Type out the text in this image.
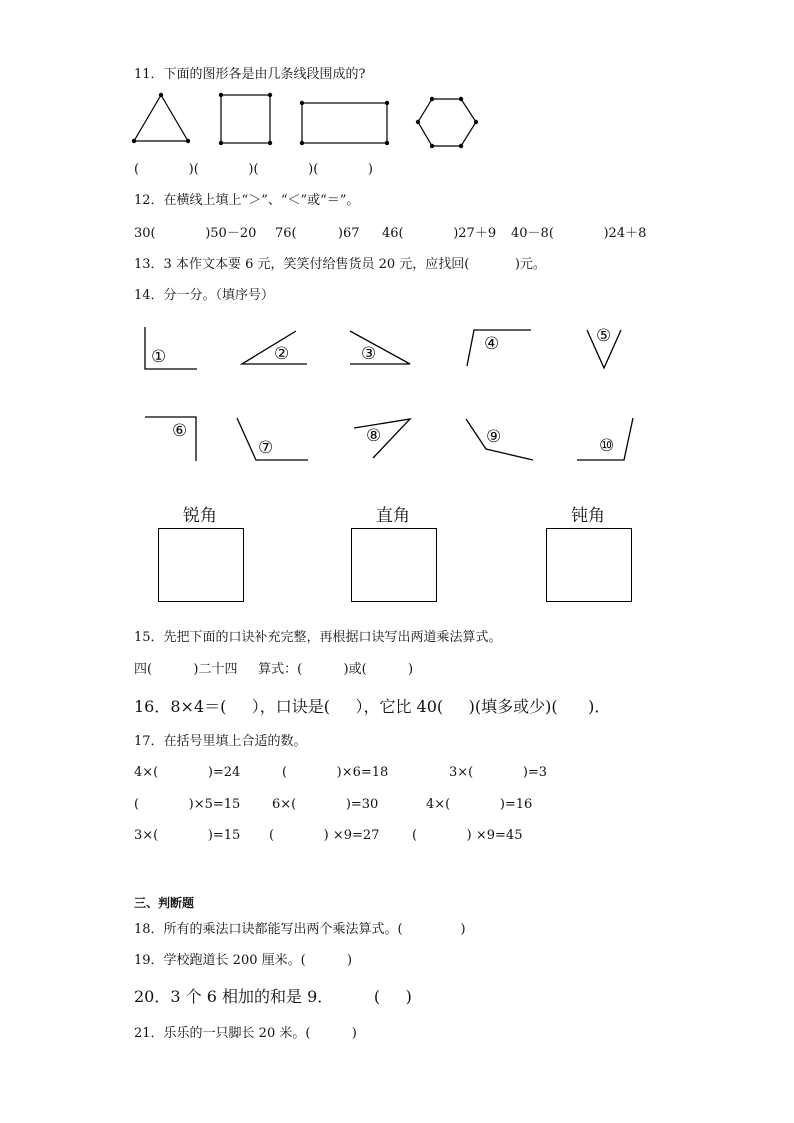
11．下面的图形各是由几条线段围成的?
(            )(            )(            )(            )
12．在横线上填上“＞”、“＜”或“＝”。
30(            )50－20 76(          )67 46(            )27＋9 40－8(            )24＋8
13．3 本作文本要 6 元，笑笑付给售货员 20 元，应找回(           )元。
14．分一分。（填序号）
①	②	③	④	⑤
⑥
⑦
⑧	⑨	⑩
锐角	直角	钝角
15．先把下面的口诀补充完整，再根据口诀写出两道乘法算式。
四(          )二十四     算式：(          )或(          )
16．8×4＝(     ），口诀是(     ），它比 40(     )(填多或少)(      )．
17．在括号里填上合适的数。
4×(            )=24	(            )×6=18	3×(            )=3
(            )×5=15 6×(            )=30	4×(            )=16
3×(            )=15 (            ) ×9=27	(            ) ×9=45
三、判断题
18．所有的乘法口诀都能写出两个乘法算式。(              )
19．学校跑道长 200 厘米。(          )
20．3 个 6 相加的和是 9．        (     )
21．乐乐的一只脚长 20 米。(          )
